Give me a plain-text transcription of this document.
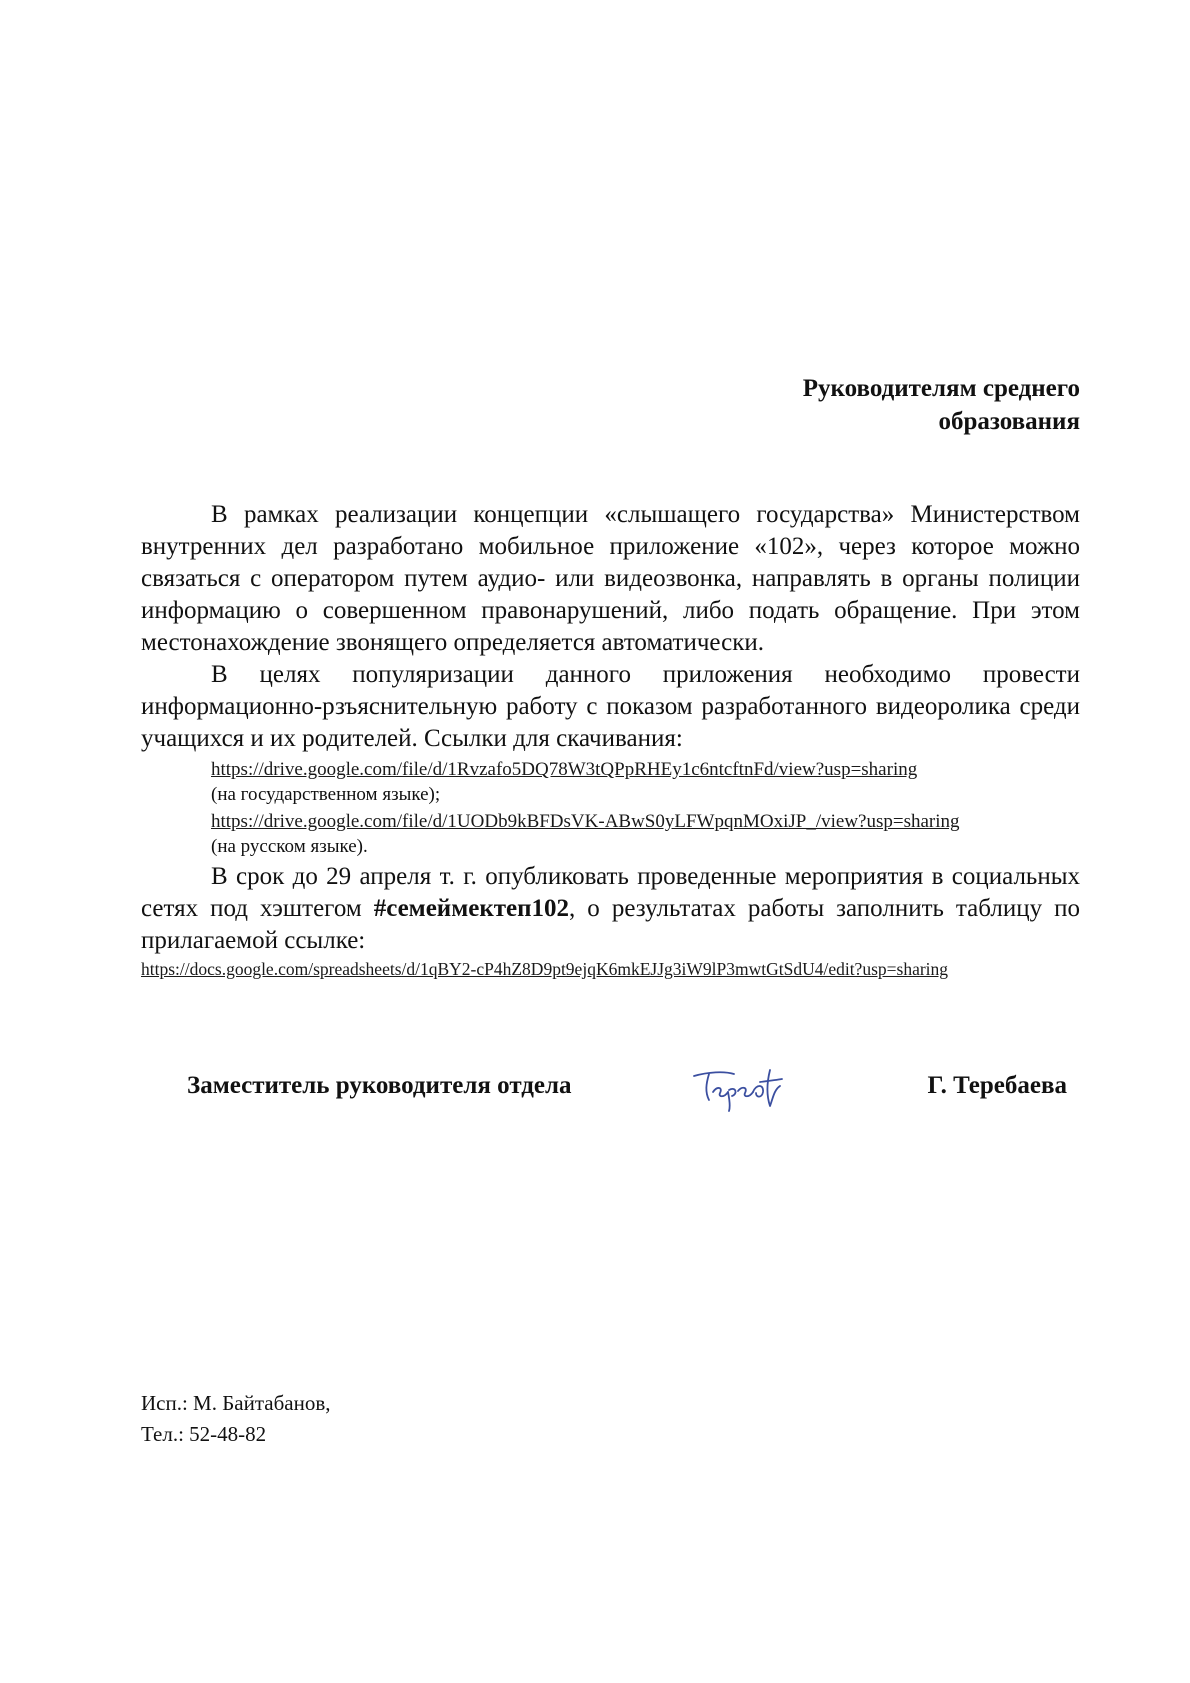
Руководителям среднего
образования

В рамках реализации концепции «слышащего государства» Министерством внутренних дел разработано мобильное приложение «102», через которое можно связаться с оператором путем аудио- или видеозвонка, направлять в органы полиции информацию о совершенном правонарушений, либо подать обращение. При этом местонахождение звонящего определяется автоматически.

В целях популяризации данного приложения необходимо провести информационно-рзъяснительную работу с показом разработанного видеоролика среди учащихся и их родителей. Ссылки для скачивания:
https://drive.google.com/file/d/1Rvzafo5DQ78W3tQPpRHEy1c6ntcftnFd/view?usp=sharing
(на государственном языке);
https://drive.google.com/file/d/1UODb9kBFDsVK-ABwS0yLFWpqnMOxiJP_/view?usp=sharing
(на русском языке).

В срок до 29 апреля т. г. опубликовать проведенные мероприятия в социальных сетях под хэштегом #семеймектеп102, о результатах работы заполнить таблицу по прилагаемой ссылке:

https://docs.google.com/spreadsheets/d/1qBY2-cP4hZ8D9pt9ejqK6mkEJJg3iW9lP3mwtGtSdU4/edit?usp=sharing
Заместитель руководителя отдела	Г. Теребаева
Исп.: М. Байтабанов,
Тел.: 52-48-82
